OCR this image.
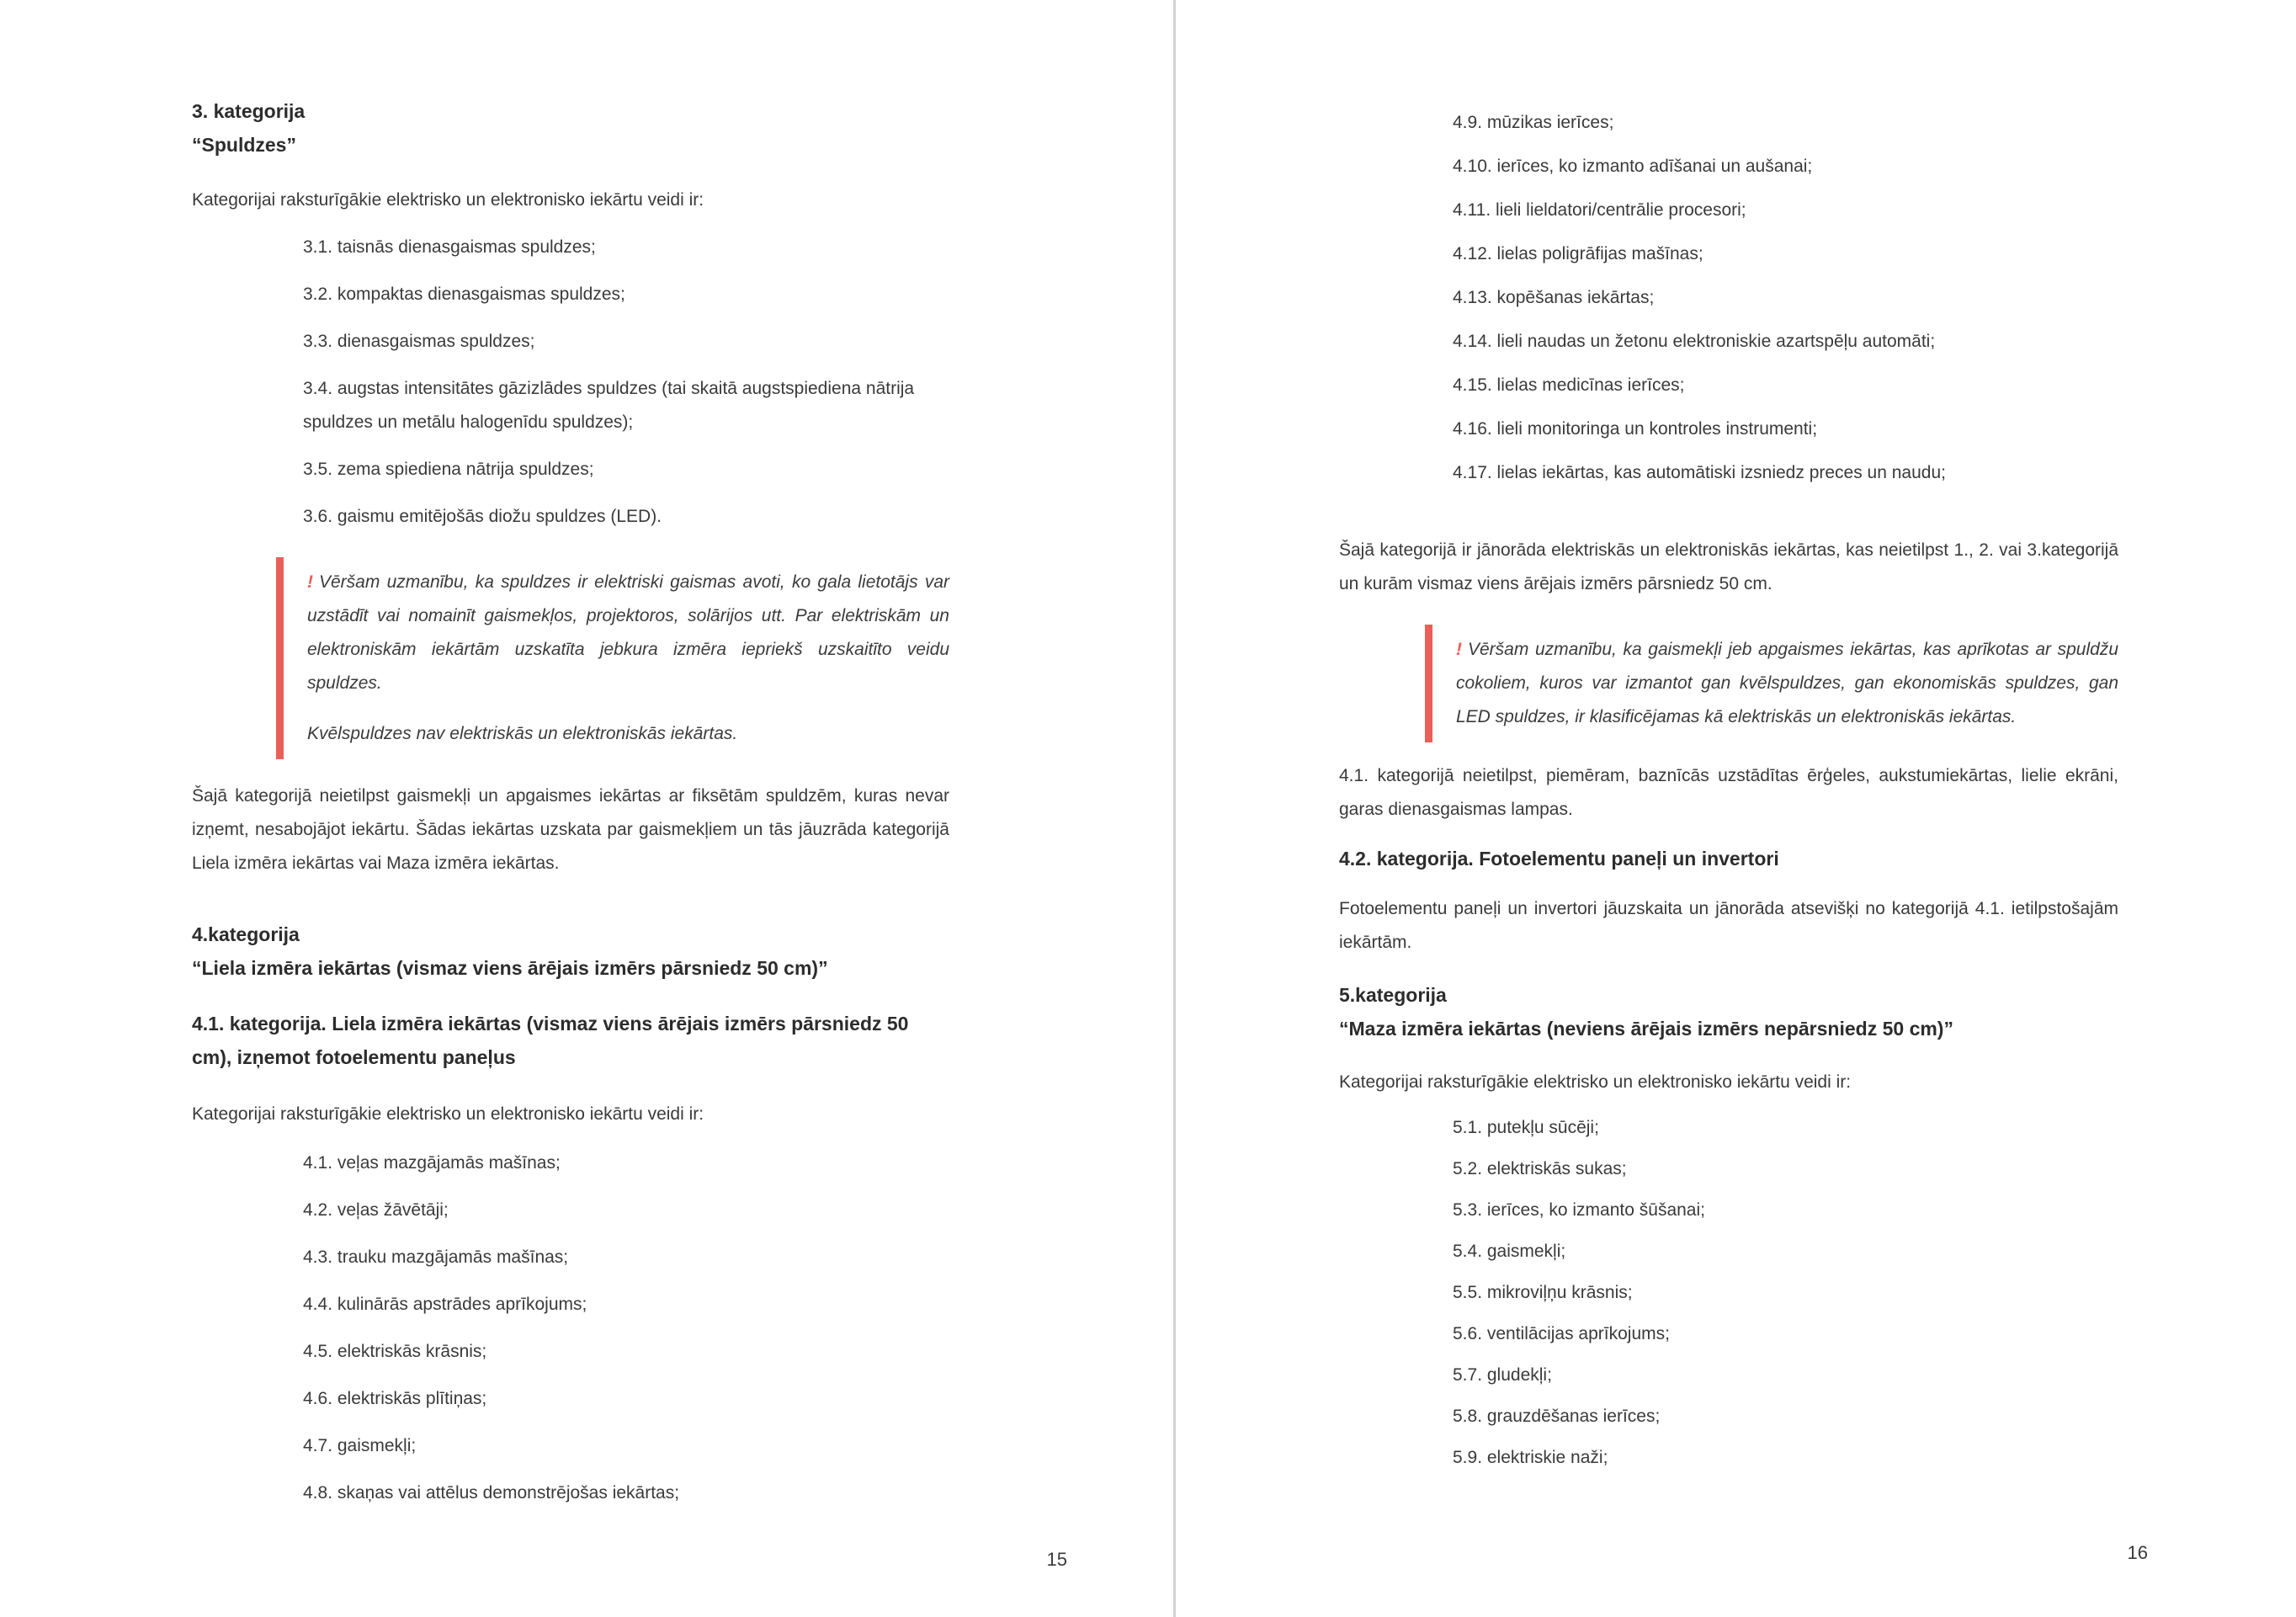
3. kategorija
“Spuldzes”

Kategorijai raksturīgākie elektrisko un elektronisko iekārtu veidi ir:

3.1. taisnās dienasgaismas spuldzes;
3.2. kompaktas dienasgaismas spuldzes;
3.3. dienasgaismas spuldzes;
3.4. augstas intensitātes gāzizlādes spuldzes (tai skaitā augstspiediena nātrija spuldzes un metālu halogenīdu spuldzes);
3.5. zema spiediena nātrija spuldzes;
3.6. gaismu emitējošās diožu spuldzes (LED).

! Vēršam uzmanību, ka spuldzes ir elektriski gaismas avoti, ko gala lietotājs var uzstādīt vai nomainīt gaismekļos, projektoros, solārijos utt. Par elektriskām un elektroniskām iekārtām uzskatīta jebkura izmēra iepriekš uzskaitīto veidu spuldzes.

Kvēlspuldzes nav elektriskās un elektroniskās iekārtas.

Šajā kategorijā neietilpst gaismekļi un apgaismes iekārtas ar fiksētām spuldzēm, kuras nevar izņemt, nesabojājot iekārtu. Šādas iekārtas uzskata par gaismekļiem un tās jāuzrāda kategorijā Liela izmēra iekārtas vai Maza izmēra iekārtas.

4.kategorija
“Liela izmēra iekārtas (vismaz viens ārējais izmērs pārsniedz 50 cm)”
4.1. kategorija. Liela izmēra iekārtas (vismaz viens ārējais izmērs pārsniedz 50 cm), izņemot fotoelementu paneļus

Kategorijai raksturīgākie elektrisko un elektronisko iekārtu veidi ir:

4.1. veļas mazgājamās mašīnas;
4.2. veļas žāvētāji;
4.3. trauku mazgājamās mašīnas;
4.4. kulinārās apstrādes aprīkojums;
4.5. elektriskās krāsnis;
4.6. elektriskās plītiņas;
4.7. gaismekļi;
4.8. skaņas vai attēlus demonstrējošas iekārtas;
15
4.9. mūzikas ierīces;
4.10. ierīces, ko izmanto adīšanai un aušanai;
4.11. lieli lieldatori/centrālie procesori;
4.12. lielas poligrāfijas mašīnas;
4.13. kopēšanas iekārtas;
4.14. lieli naudas un žetonu elektroniskie azartspēļu automāti;
4.15. lielas medicīnas ierīces;
4.16. lieli monitoringa un kontroles instrumenti;
4.17. lielas iekārtas, kas automātiski izsniedz preces un naudu;

Šajā kategorijā ir jānorāda elektriskās un elektroniskās iekārtas, kas neietilpst 1., 2. vai 3.kategorijā un kurām vismaz viens ārējais izmērs pārsniedz 50 cm.

! Vēršam uzmanību, ka gaismekļi jeb apgaismes iekārtas, kas aprīkotas ar spuldžu cokoliem, kuros var izmantot gan kvēlspuldzes, gan ekonomiskās spuldzes, gan LED spuldzes, ir klasificējamas kā elektriskās un elektroniskās iekārtas.

4.1. kategorijā neietilpst, piemēram, baznīcās uzstādītas ērģeles, aukstumiekārtas, lielie ekrāni, garas dienasgaismas lampas.

4.2. kategorija. Fotoelementu paneļi un invertori

Fotoelementu paneļi un invertori jāuzskaita un jānorāda atsevišķi no kategorijā 4.1. ietilpstošajām iekārtām.

5.kategorija
“Maza izmēra iekārtas (neviens ārējais izmērs nepārsniedz 50 cm)”

Kategorijai raksturīgākie elektrisko un elektronisko iekārtu veidi ir:

5.1. putekļu sūcēji;
5.2. elektriskās sukas;
5.3. ierīces, ko izmanto šūšanai;
5.4. gaismekļi;
5.5. mikroviļņu krāsnis;
5.6. ventilācijas aprīkojums;
5.7. gludekļi;
5.8. grauzdēšanas ierīces;
5.9. elektriskie naži;
16
